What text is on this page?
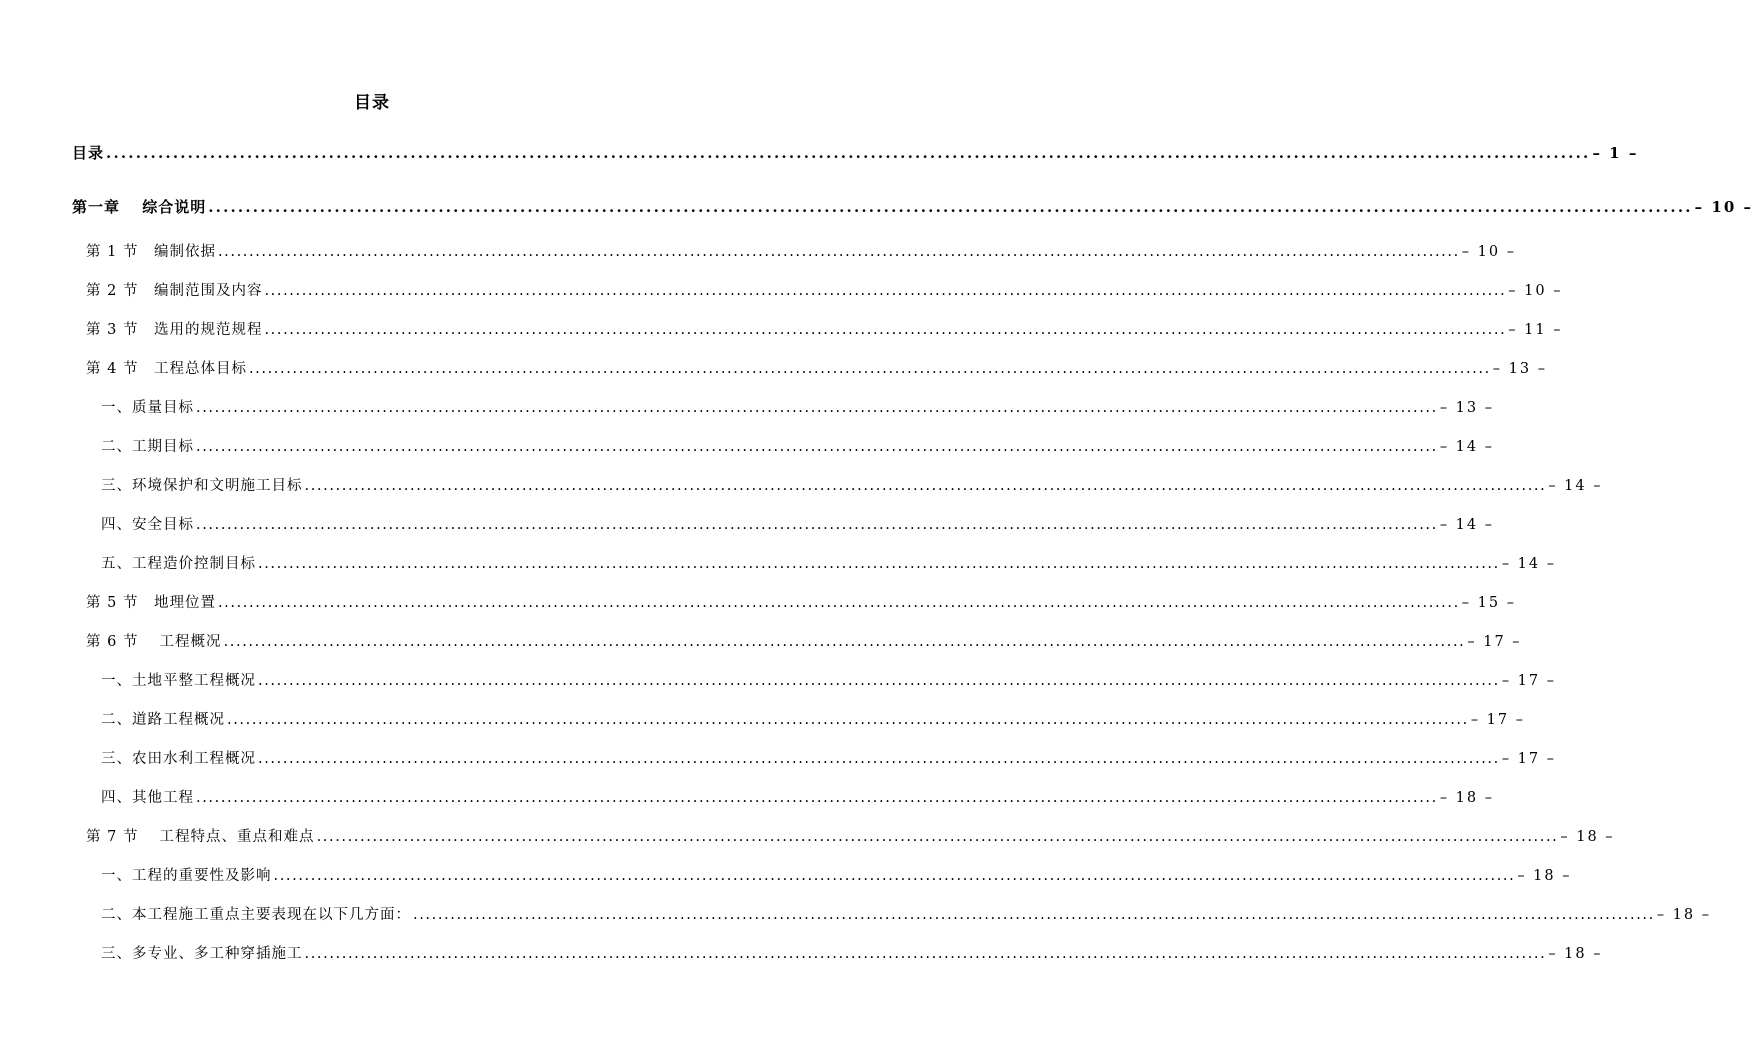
目录
目录 ........................................................................................................................................................................................................ – 1 –
第一章　 综合说明 ........................................................................................................................................................................................................ – 10 –
第 1 节　编制依据 ........................................................................................................................................................................................................ – 10 –
第 2 节　编制范围及内容 ........................................................................................................................................................................................................ – 10 –
第 3 节　选用的规范规程 ........................................................................................................................................................................................................ – 11 –
第 4 节　工程总体目标 ........................................................................................................................................................................................................ – 13 –
一、质量目标 ........................................................................................................................................................................................................ – 13 –
二、工期目标 ........................................................................................................................................................................................................ – 14 –
三、环境保护和文明施工目标 ........................................................................................................................................................................................................ – 14 –
四、安全目标 ........................................................................................................................................................................................................ – 14 –
五、工程造价控制目标 ........................................................................................................................................................................................................ – 14 –
第 5 节　地理位置 ........................................................................................................................................................................................................ – 15 –
第 6 节　 工程概况 ........................................................................................................................................................................................................ – 17 –
一、土地平整工程概况 ........................................................................................................................................................................................................ – 17 –
二、道路工程概况 ........................................................................................................................................................................................................ – 17 –
三、农田水利工程概况 ........................................................................................................................................................................................................ – 17 –
四、其他工程 ........................................................................................................................................................................................................ – 18 –
第 7 节　 工程特点、重点和难点 ........................................................................................................................................................................................................ – 18 –
一、工程的重要性及影响 ........................................................................................................................................................................................................ – 18 –
二、本工程施工重点主要表现在以下几方面： ........................................................................................................................................................................................................ – 18 –
三、多专业、多工种穿插施工 ........................................................................................................................................................................................................ – 18 –
